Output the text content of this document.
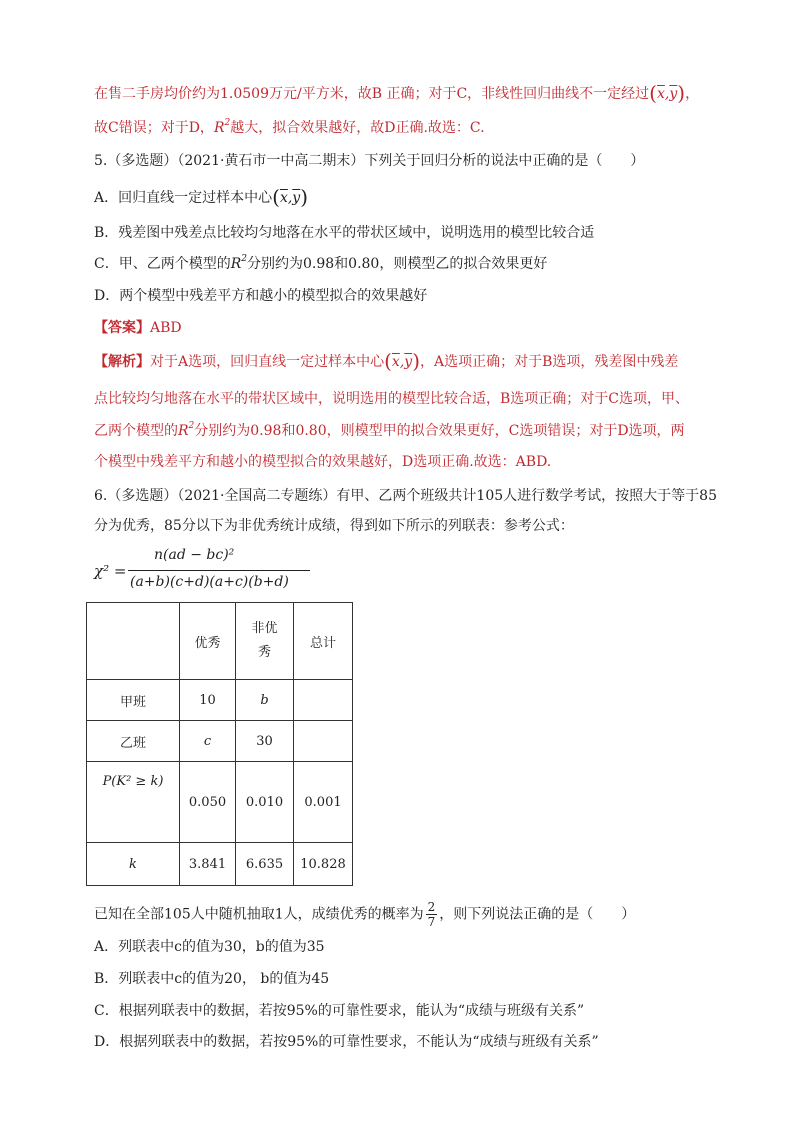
在售二手房均价约为1.0509万元/平方米，故B 正确；对于C，非线性回归曲线不一定经过$(\overline{x},\overline{y})$，
故C错误；对于D，$R^2$越大，拟合效果越好，故D正确.故选：C.
5.（多选题）（2021·黄石市一中高二期末）下列关于回归分析的说法中正确的是（　　）
A．回归直线一定过样本中心$(\overline{x},\overline{y})$
B．残差图中残差点比较均匀地落在水平的带状区域中，说明选用的模型比较合适
C．甲、乙两个模型的$R^2$分别约为0.98和0.80，则模型乙的拟合效果更好
D．两个模型中残差平方和越小的模型拟合的效果越好
【答案】ABD
【解析】对于A选项，回归直线一定过样本中心$(\overline{x},\overline{y})$，A选项正确；对于B选项，残差图中残差
点比较均匀地落在水平的带状区域中，说明选用的模型比较合适，B选项正确；对于C选项，甲、
乙两个模型的$R^2$分别约为0.98和0.80，则模型甲的拟合效果更好，C选项错误；对于D选项，两
个模型中残差平方和越小的模型拟合的效果越好，D选项正确.故选：ABD.
6.（多选题）（2021·全国高二专题练）有甲、乙两个班级共计105人进行数学考试，按照大于等于85
分为优秀，85分以下为非优秀统计成绩，得到如下所示的列联表：参考公式：
χ² =
n(ad − bc)²
(a+b)(c+d)(a+c)(b+d)
	优秀	非优秀	总计
甲班	10	b	
乙班	c	30	
P(K² ≥ k)	0.050	0.010	0.001
k	3.841	6.635	10.828
已知在全部105人中随机抽取1人，成绩优秀的概率为 $\frac{2}{7}$ ，则下列说法正确的是（　　）
A．列联表中c的值为30，b的值为35
B．列联表中c的值为20， b的值为45
C．根据列联表中的数据，若按95%的可靠性要求，能认为“成绩与班级有关系”
D．根据列联表中的数据，若按95%的可靠性要求，不能认为“成绩与班级有关系”
